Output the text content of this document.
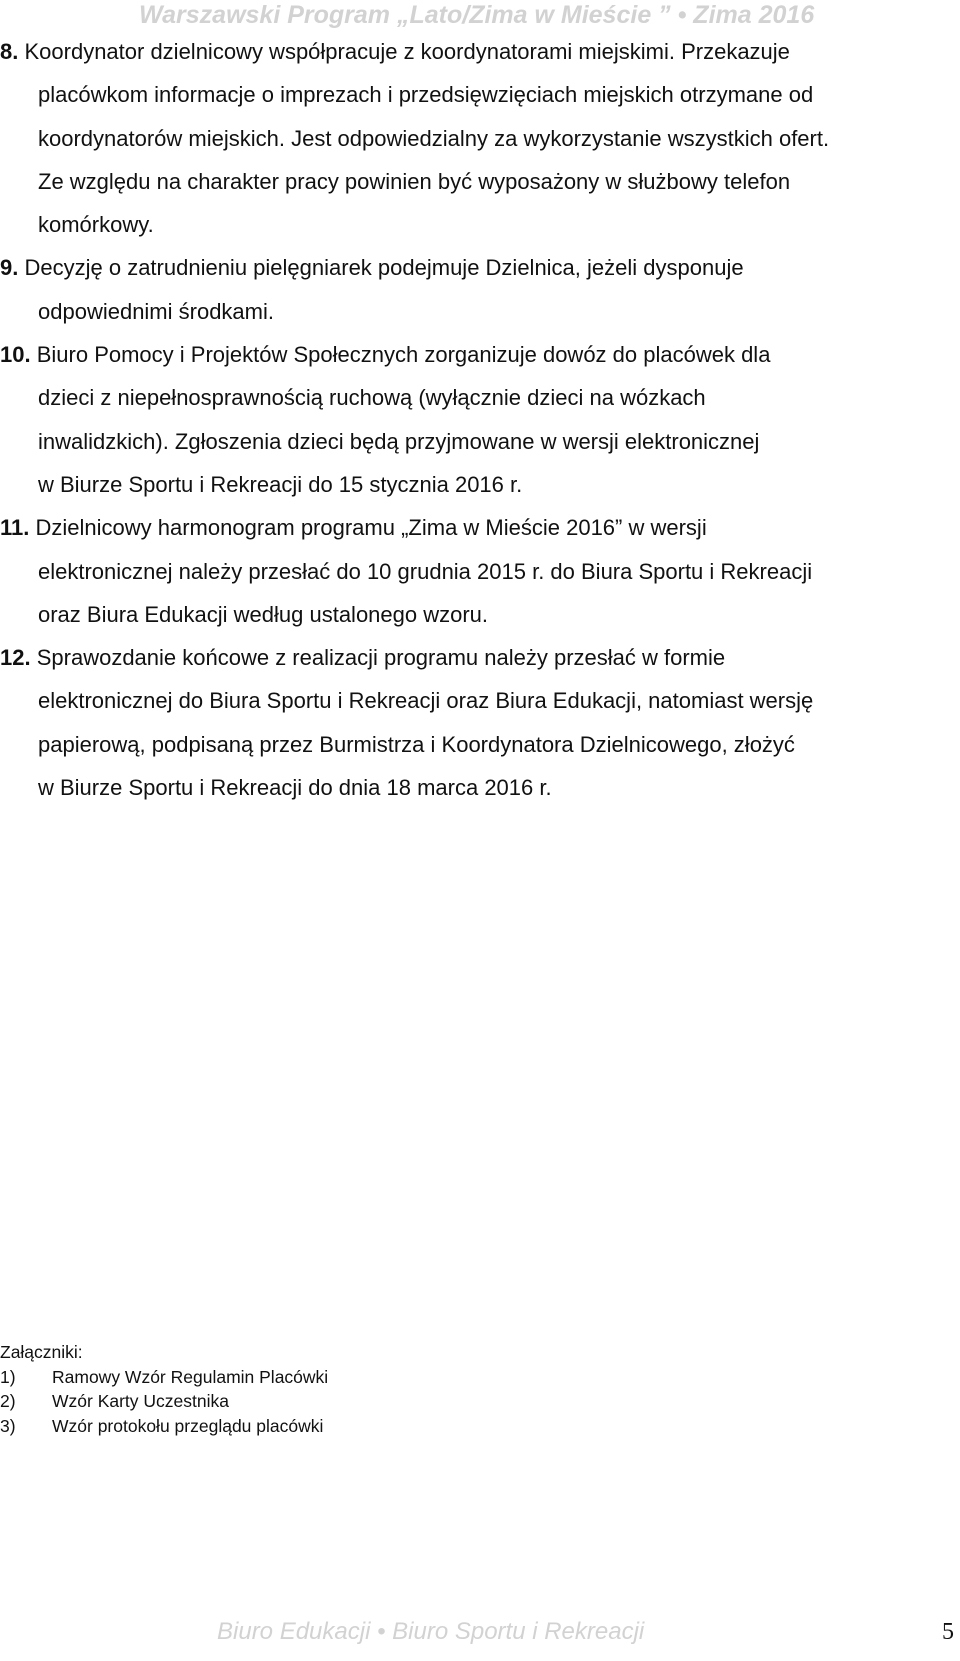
Warszawski Program „Lato/Zima w Mieście ” • Zima 2016

8. Koordynator dzielnicowy współpracuje z koordynatorami miejskimi. Przekazuje
placówkom informacje o imprezach i przedsięwzięciach miejskich otrzymane od
koordynatorów miejskich. Jest odpowiedzialny za wykorzystanie wszystkich ofert.
Ze względu na charakter pracy powinien być wyposażony w służbowy telefon
komórkowy.

9. Decyzję o zatrudnieniu pielęgniarek podejmuje Dzielnica, jeżeli dysponuje
odpowiednimi środkami.

10. Biuro Pomocy i Projektów Społecznych zorganizuje dowóz do placówek dla
dzieci z niepełnosprawnością ruchową (wyłącznie dzieci na wózkach
inwalidzkich). Zgłoszenia dzieci będą przyjmowane w wersji elektronicznej
w Biurze Sportu i Rekreacji do 15 stycznia 2016 r.

11. Dzielnicowy harmonogram programu „Zima w Mieście 2016” w wersji
elektronicznej należy przesłać do 10 grudnia 2015 r. do Biura Sportu i Rekreacji
oraz Biura Edukacji według ustalonego wzoru.

12. Sprawozdanie końcowe z realizacji programu należy przesłać w formie
elektronicznej do Biura Sportu i Rekreacji oraz Biura Edukacji, natomiast wersję
papierową, podpisaną przez Burmistrza i Koordynatora Dzielnicowego, złożyć
w Biurze Sportu i Rekreacji do dnia 18 marca 2016 r.

Załączniki:
1)	Ramowy Wzór Regulamin Placówki
2)	Wzór Karty Uczestnika
3)	Wzór protokołu przeglądu placówki
Biuro Edukacji • Biuro Sportu i Rekreacji	5
